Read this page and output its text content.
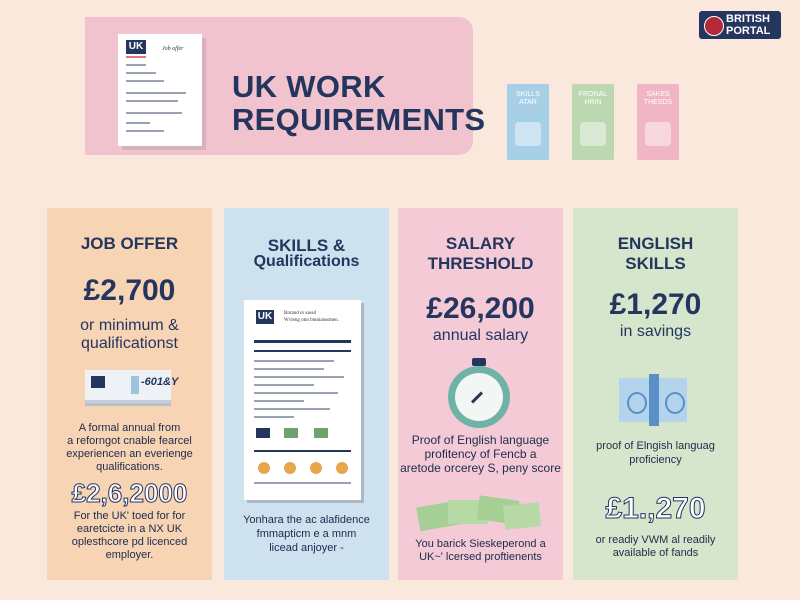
UK	Job offer
UK WORK
REQUIREMENTS
SKILLS ATAR
FRONAL HRIN
SAKES THESDS
BRITISH
PORTAL
JOB OFFER
£2,700
or minimum &
qualificationst
-601&Y
A formal annual from
a reforngot cnable fearcel
experiencen an everienge
qualifications.
£2,6,2000
For the UK' toed for for
earetcicte in a NX UK
oplesthcore pd licenced
employer.
SKILLS &
Qualifications
UK	Bnrand or sassd
Wvleng otnt bmnianssmen.
Yonhara the ac alafidence
fmmapticm e a mnm
licead anjoyer -
SALARY
THRESHOLD
£26,200
annual salary
Proof of English language
profitency of Fencb a
aretode orcerey S, peny score
You barick Sieskeperond a
UK~' lcersed proftienents
ENGLISH
SKILLS
£1,270
in savings
proof of Elngish languag
proficiency
£1.,270
or readiy VWM al readily
available of fands
